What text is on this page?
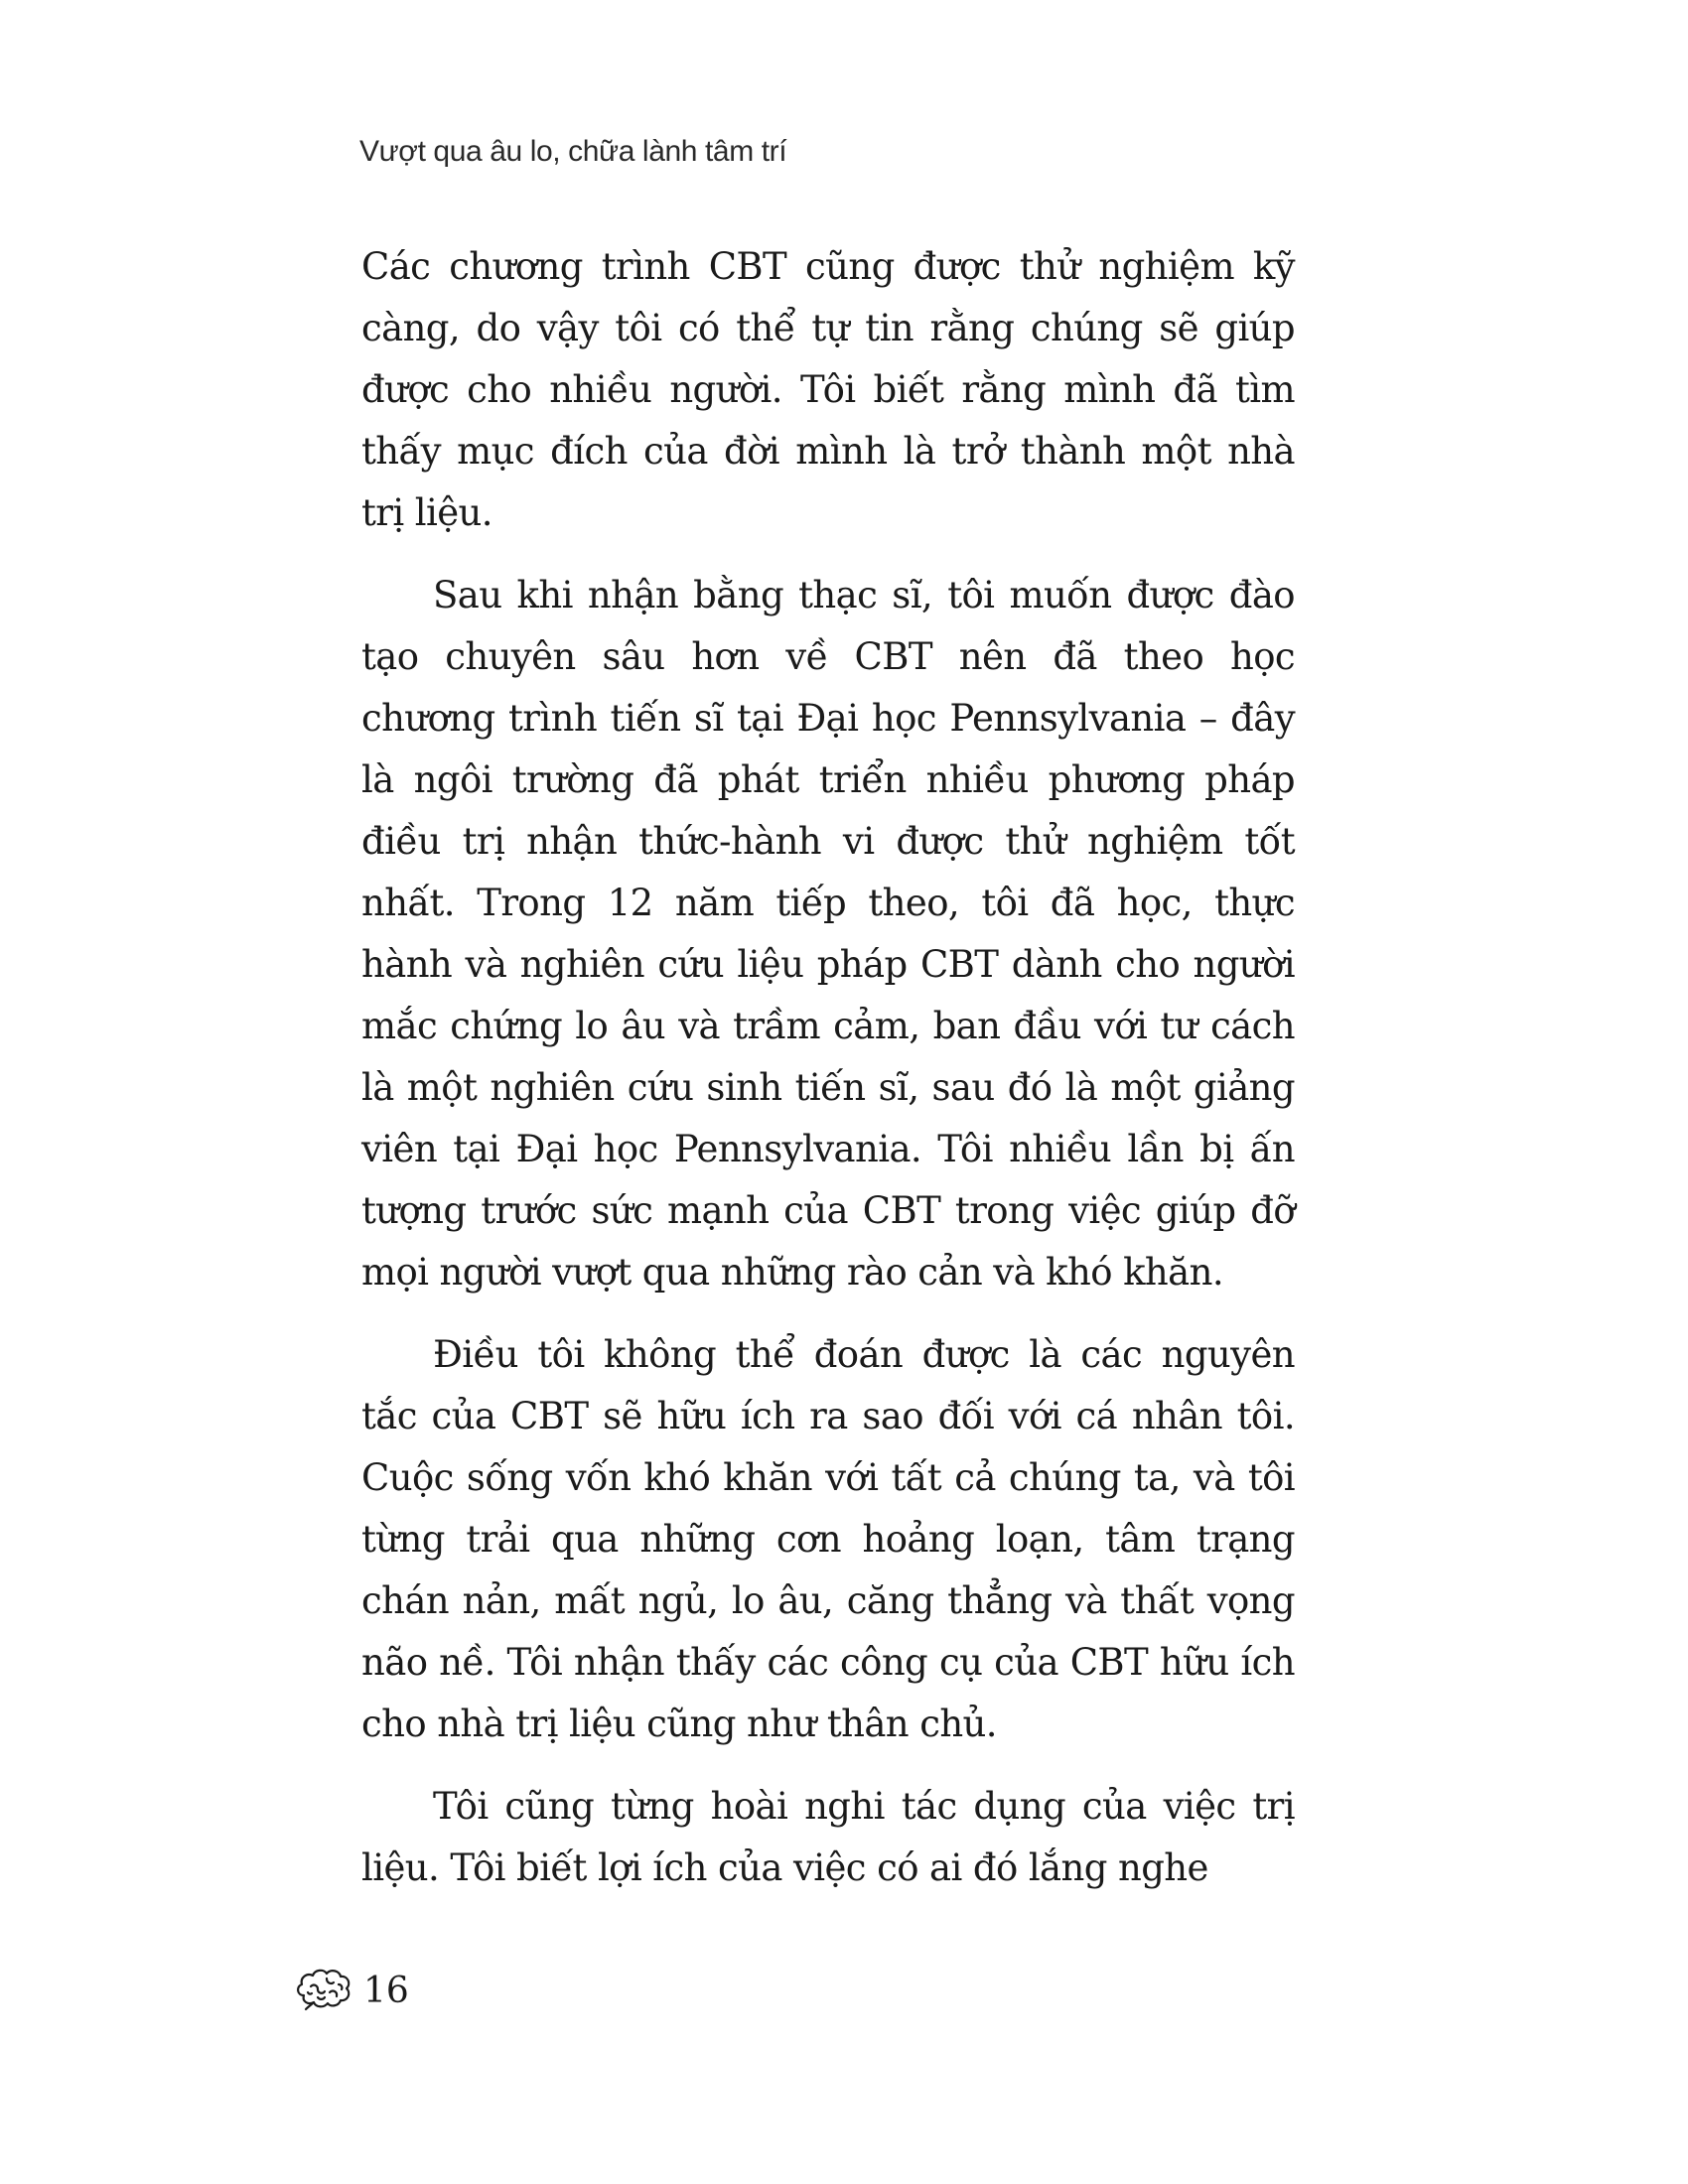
Vượt qua âu lo, chữa lành tâm trí

Các chương trình CBT cũng được thử nghiệm kỹ càng, do vậy tôi có thể tự tin rằng chúng sẽ giúp được cho nhiều người. Tôi biết rằng mình đã tìm thấy mục đích của đời mình là trở thành một nhà trị liệu.

Sau khi nhận bằng thạc sĩ, tôi muốn được đào tạo chuyên sâu hơn về CBT nên đã theo học chương trình tiến sĩ tại Đại học Pennsylvania – đây là ngôi trường đã phát triển nhiều phương pháp điều trị nhận thức-hành vi được thử nghiệm tốt nhất. Trong 12 năm tiếp theo, tôi đã học, thực hành và nghiên cứu liệu pháp CBT dành cho người mắc chứng lo âu và trầm cảm, ban đầu với tư cách là một nghiên cứu sinh tiến sĩ, sau đó là một giảng viên tại Đại học Pennsylvania. Tôi nhiều lần bị ấn tượng trước sức mạnh của CBT trong việc giúp đỡ mọi người vượt qua những rào cản và khó khăn.

Điều tôi không thể đoán được là các nguyên tắc của CBT sẽ hữu ích ra sao đối với cá nhân tôi. Cuộc sống vốn khó khăn với tất cả chúng ta, và tôi từng trải qua những cơn hoảng loạn, tâm trạng chán nản, mất ngủ, lo âu, căng thẳng và thất vọng não nề. Tôi nhận thấy các công cụ của CBT hữu ích cho nhà trị liệu cũng như thân chủ.

Tôi cũng từng hoài nghi tác dụng của việc trị liệu. Tôi biết lợi ích của việc có ai đó lắng nghe

16
